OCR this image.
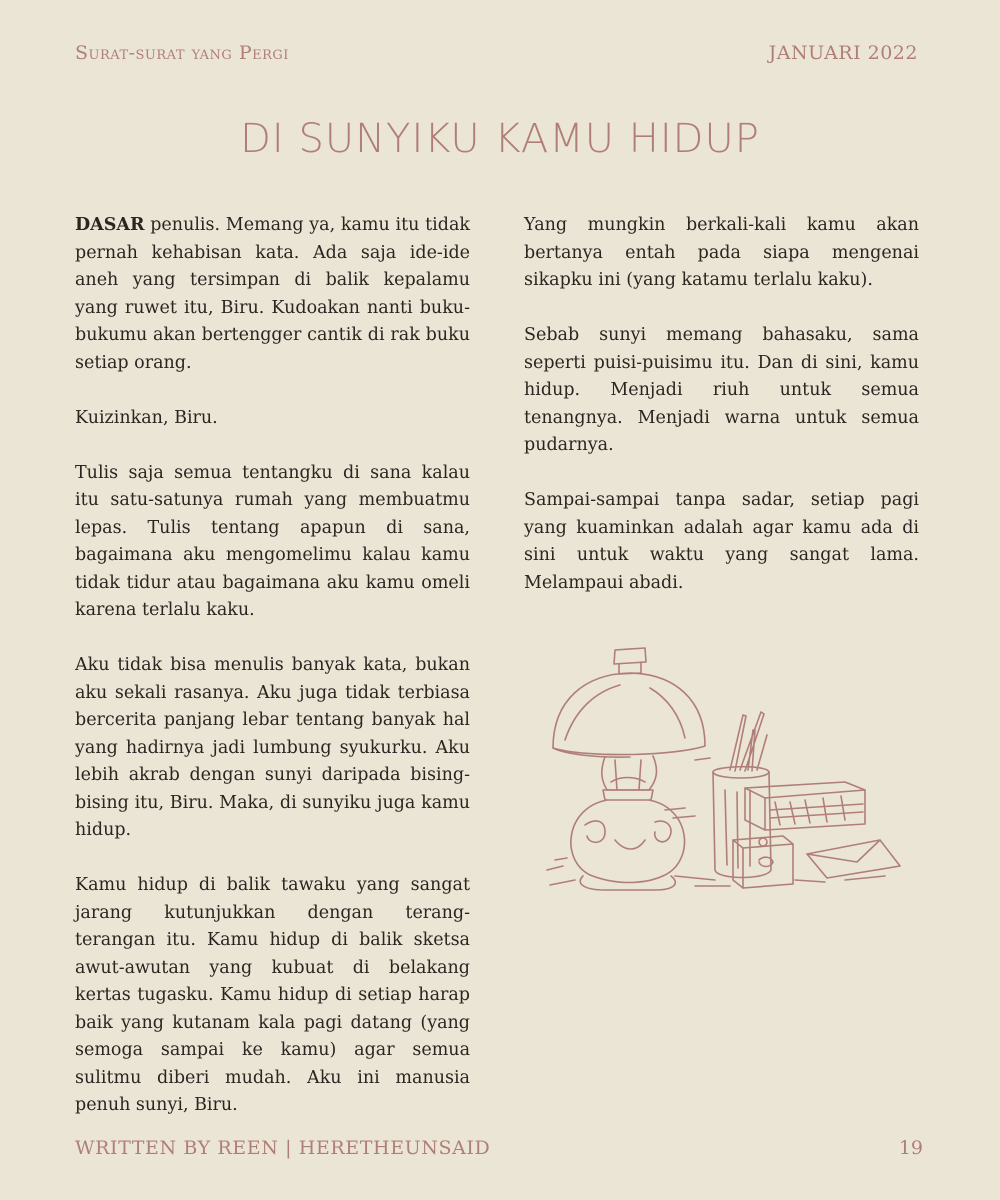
Surat-surat yang Pergi	JANUARI 2022
DI SUNYIKU KAMU HIDUP

DASAR penulis. Memang ya, kamu itu tidak pernah kehabisan kata. Ada saja ide-ide aneh yang tersimpan di balik kepalamu yang ruwet itu, Biru. Kudoakan nanti buku-bukumu akan bertengger cantik di rak buku setiap orang.

Kuizinkan, Biru.

Tulis saja semua tentangku di sana kalau itu satu-satunya rumah yang membuatmu lepas. Tulis tentang apapun di sana, bagaimana aku mengomelimu kalau kamu tidak tidur atau bagaimana aku kamu omeli karena terlalu kaku.

Aku tidak bisa menulis banyak kata, bukan aku sekali rasanya. Aku juga tidak terbiasa bercerita panjang lebar tentang banyak hal yang hadirnya jadi lumbung syukurku. Aku lebih akrab dengan sunyi daripada bising-bising itu, Biru. Maka, di sunyiku juga kamu hidup.

Kamu hidup di balik tawaku yang sangat jarang kutunjukkan dengan terang-terangan itu. Kamu hidup di balik sketsa awut-awutan yang kubuat di belakang kertas tugasku. Kamu hidup di setiap harap baik yang kutanam kala pagi datang (yang semoga sampai ke kamu) agar semua sulitmu diberi mudah. Aku ini manusia penuh sunyi, Biru.

Yang mungkin berkali-kali kamu akan bertanya entah pada siapa mengenai sikapku ini (yang katamu terlalu kaku).

Sebab sunyi memang bahasaku, sama seperti puisi-puisimu itu. Dan di sini, kamu hidup. Menjadi riuh untuk semua tenangnya. Menjadi warna untuk semua pudarnya.

Sampai-sampai tanpa sadar, setiap pagi yang kuaminkan adalah agar kamu ada di sini untuk waktu yang sangat lama. Melampaui abadi.

WRITTEN BY REEN | HERETHEUNSAID	19
